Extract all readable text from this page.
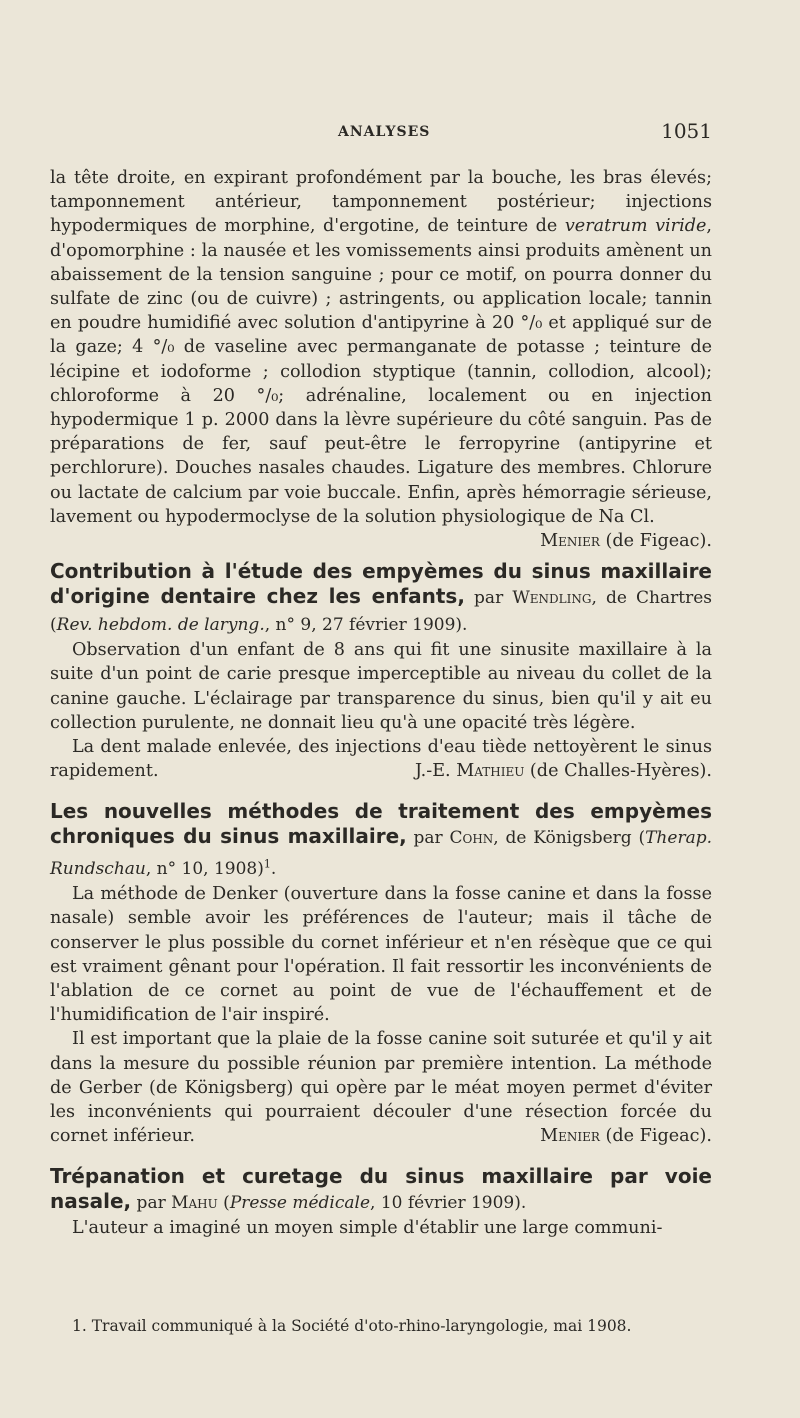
ANALYSES	1051

la tête droite, en expirant profondément par la bouche, les bras élevés; tamponnement antérieur, tamponnement postérieur; injections hypodermiques de morphine, d'ergotine, de teinture de veratrum viride, d'opomorphine : la nausée et les vomissements ainsi produits amènent un abaissement de la tension sanguine ; pour ce motif, on pourra donner du sulfate de zinc (ou de cuivre) ; astringents, ou application locale; tannin en poudre humidifié avec solution d'antipyrine à 20 °/₀ et appliqué sur de la gaze; 4 °/₀ de vaseline avec permanganate de potasse ; teinture de lécipine et iodoforme ; collodion styptique (tannin, collodion, alcool); chloroforme à 20 °/₀; adrénaline, localement ou en injection hypodermique 1 p. 2000 dans la lèvre supérieure du côté sanguin. Pas de préparations de fer, sauf peut-être le ferropyrine (antipyrine et perchlorure). Douches nasales chaudes. Ligature des membres. Chlorure ou lactate de calcium par voie buccale. Enfin, après hémorragie sérieuse, lavement ou hypodermoclyse de la solution physiologique de Na Cl.

Menier (de Figeac).

Contribution à l'étude des empyèmes du sinus maxillaire d'origine dentaire chez les enfants, par Wendling, de Chartres (Rev. hebdom. de laryng., n° 9, 27 février 1909).

Observation d'un enfant de 8 ans qui fit une sinusite maxillaire à la suite d'un point de carie presque imperceptible au niveau du collet de la canine gauche. L'éclairage par transparence du sinus, bien qu'il y ait eu collection purulente, ne donnait lieu qu'à une opacité très légère.

La dent malade enlevée, des injections d'eau tiède nettoyèrent le sinus rapidement.	J.-E. Mathieu (de Challes-Hyères).

Les nouvelles méthodes de traitement des empyèmes chroniques du sinus maxillaire, par Cohn, de Königsberg (Therap. Rundschau, n° 10, 1908)$^1$.

La méthode de Denker (ouverture dans la fosse canine et dans la fosse nasale) semble avoir les préférences de l'auteur; mais il tâche de conserver le plus possible du cornet inférieur et n'en résèque que ce qui est vraiment gênant pour l'opération. Il fait ressortir les inconvénients de l'ablation de ce cornet au point de vue de l'échauffement et de l'humidification de l'air inspiré.

Il est important que la plaie de la fosse canine soit suturée et qu'il y ait dans la mesure du possible réunion par première intention. La méthode de Gerber (de Königsberg) qui opère par le méat moyen permet d'éviter les inconvénients qui pourraient découler d'une résection forcée du cornet inférieur.	Menier (de Figeac).

Trépanation et curetage du sinus maxillaire par voie nasale, par Mahu (Presse médicale, 10 février 1909).

L'auteur a imaginé un moyen simple d'établir une large communi-

1. Travail communiqué à la Société d'oto-rhino-laryngologie, mai 1908.
